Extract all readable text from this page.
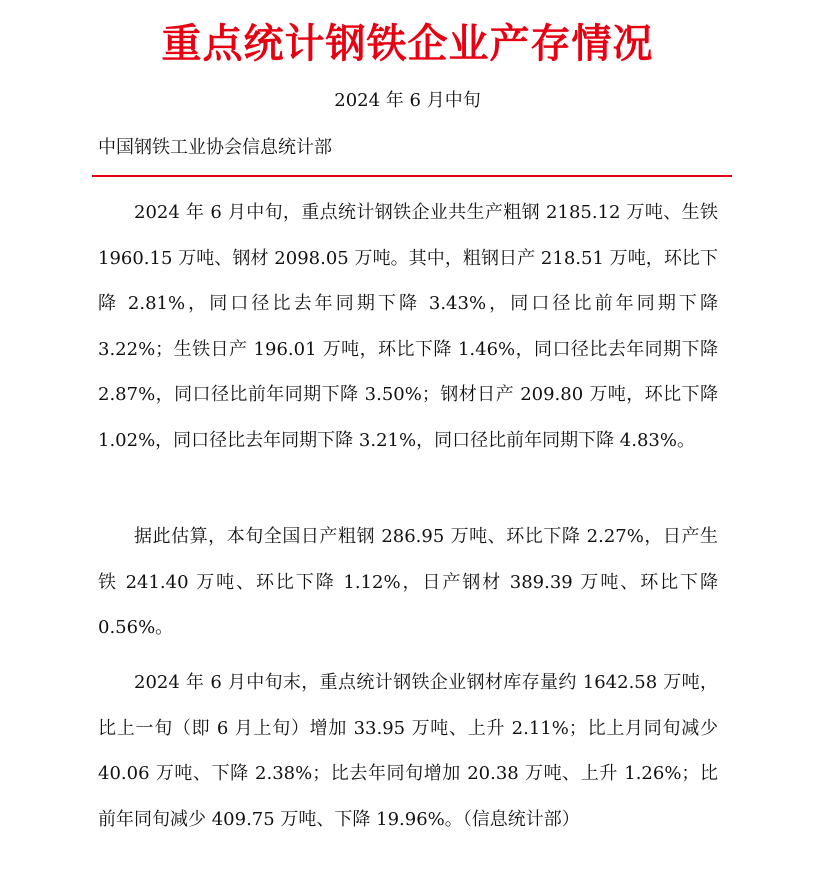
重点统计钢铁企业产存情况
2024 年 6 月中旬
中国钢铁工业协会信息统计部

2024 年 6 月中旬，重点统计钢铁企业共生产粗钢 2185.12 万吨、生铁 1960.15 万吨、钢材 2098.05 万吨。其中，粗钢日产 218.51 万吨，环比下降 2.81%，同口径比去年同期下降 3.43%，同口径比前年同期下降 3.22%；生铁日产 196.01 万吨，环比下降 1.46%，同口径比去年同期下降 2.87%，同口径比前年同期下降 3.50%；钢材日产 209.80 万吨，环比下降 1.02%，同口径比去年同期下降 3.21%，同口径比前年同期下降 4.83%。

据此估算，本旬全国日产粗钢 286.95 万吨、环比下降 2.27%，日产生铁 241.40 万吨、环比下降 1.12%，日产钢材 389.39 万吨、环比下降 0.56%。

2024 年 6 月中旬末，重点统计钢铁企业钢材库存量约 1642.58 万吨，比上一旬（即 6 月上旬）增加 33.95 万吨、上升 2.11%；比上月同旬减少 40.06 万吨、下降 2.38%；比去年同旬增加 20.38 万吨、上升 1.26%；比前年同旬减少 409.75 万吨、下降 19.96%。（信息统计部）
